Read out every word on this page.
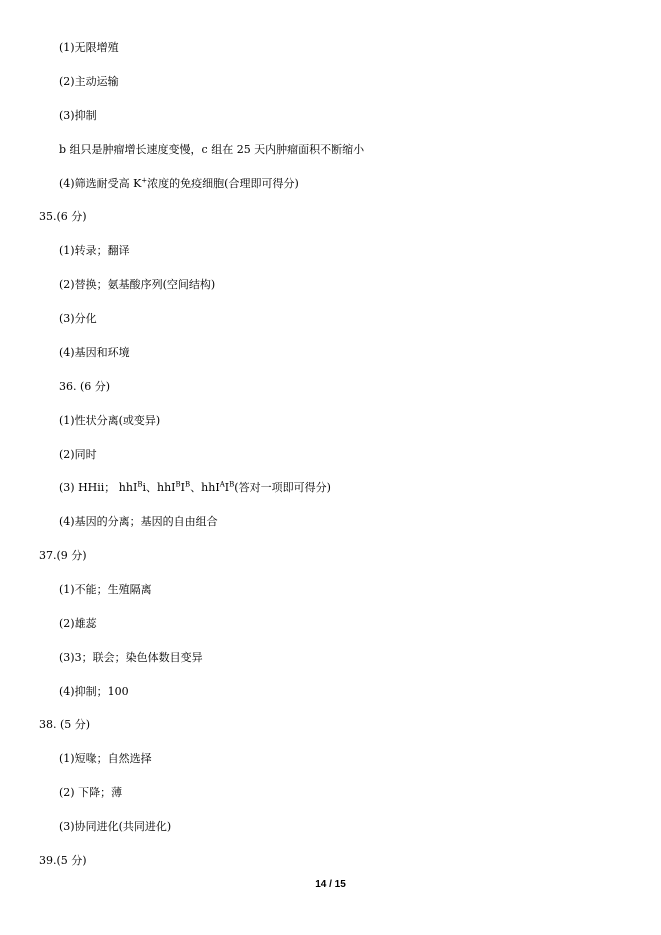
(1)无限增殖
(2)主动运输
(3)抑制
b 组只是肿瘤增长速度变慢，c 组在 25 天内肿瘤面积不断缩小
(4)筛选耐受高 K+浓度的免疫细胞(合理即可得分)
35.(6 分)
(1)转录；翻译
(2)替换；氨基酸序列(空间结构)
(3)分化
(4)基因和环境
36. (6 分)
(1)性状分离(或变异)
(2)同时
(3) HHii； hhI$^B$i、$hhI^BI^B$、$hhI^AI^B$(答对一项即可得分)
(4)基因的分离；基因的自由组合
37.(9 分)
(1)不能；生殖隔离
(2)雄蕊
(3)3；联会；染色体数目变异
(4)抑制；100
38. (5 分)
(1)短喙；自然选择
(2) 下降；薄
(3)协同进化(共同进化)
39.(5 分)
14 / 15
